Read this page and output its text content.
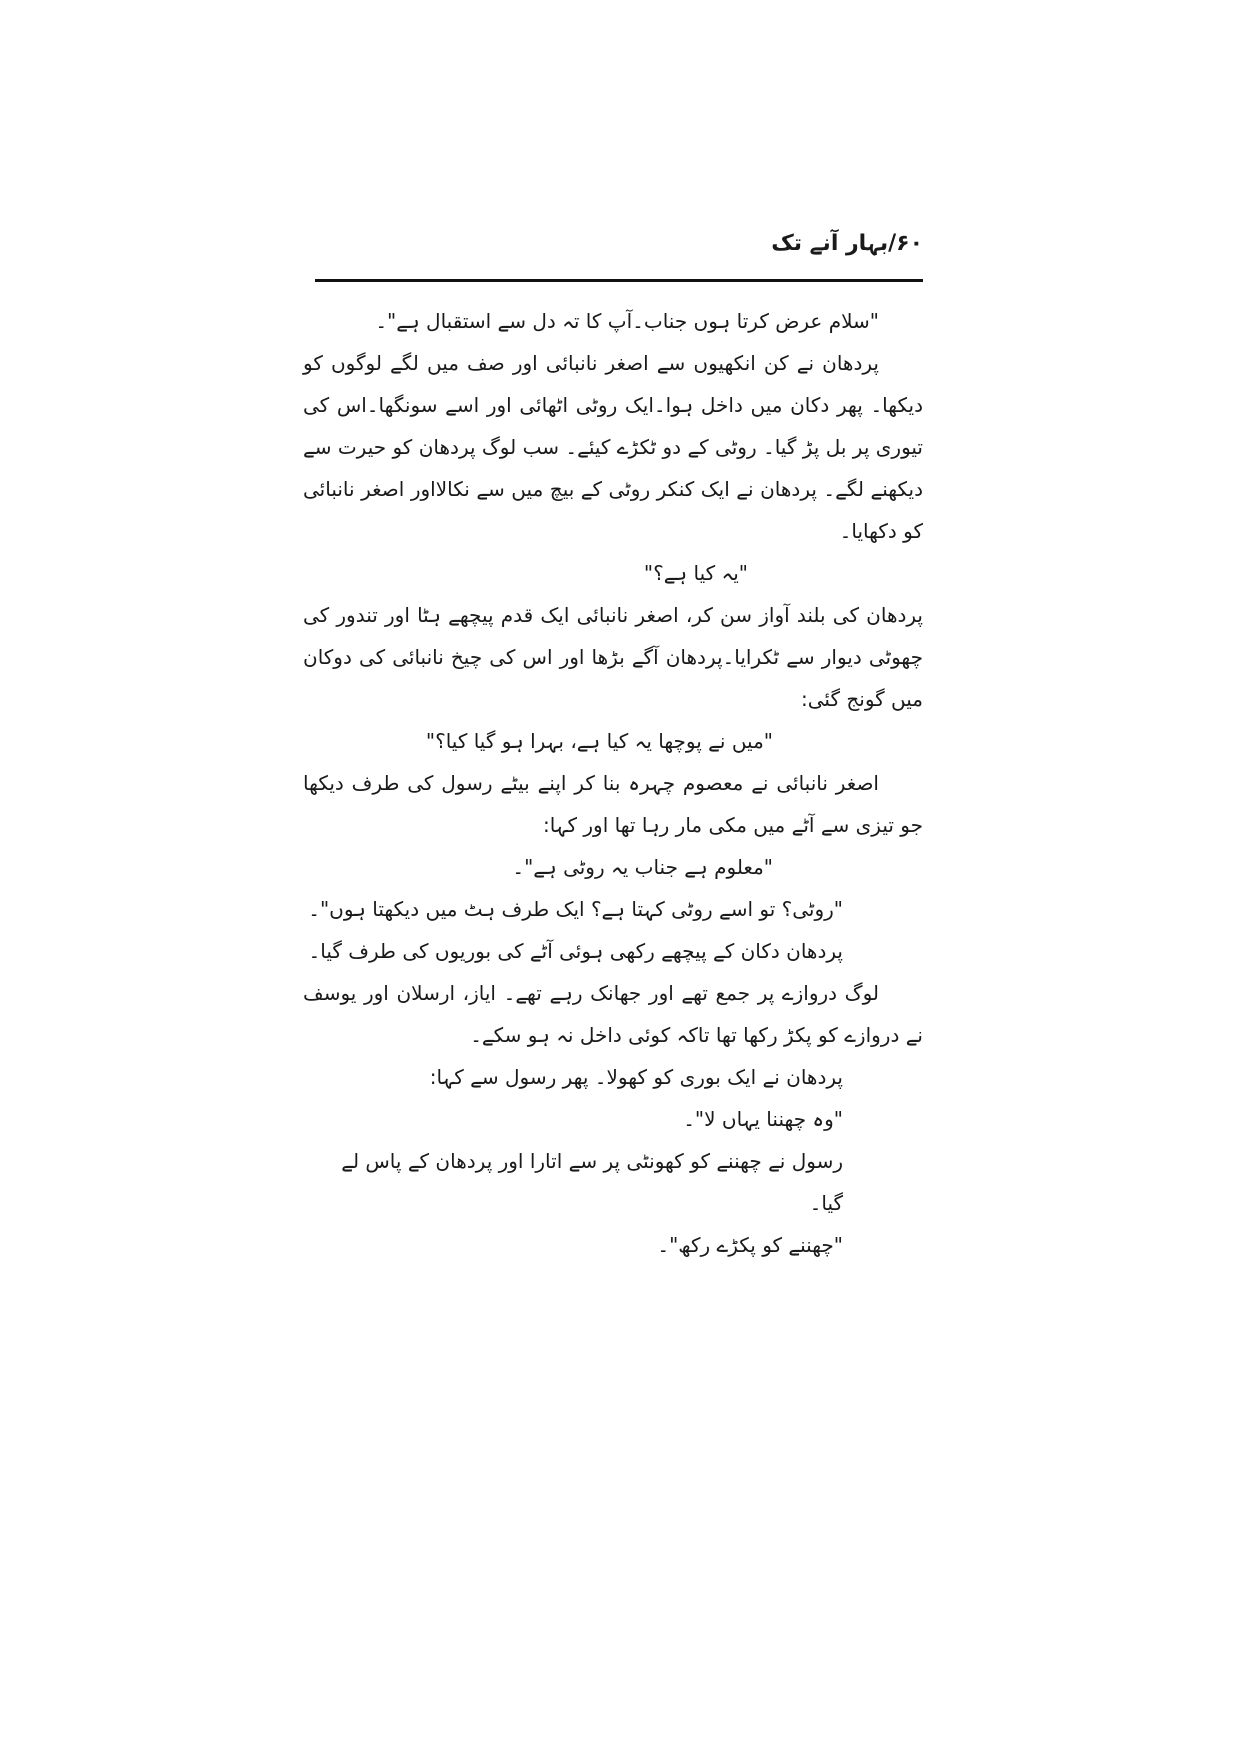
۶۰/بہار آنے تک

"سلام عرض کرتا ہوں جناب۔آپ کا تہ دل سے استقبال ہے"۔

پردھان نے کن انکھیوں سے اصغر نانبائی اور صف میں لگے لوگوں کو دیکھا۔ پھر دکان میں داخل ہوا۔ایک روٹی اٹھائی اور اسے سونگھا۔اس کی تیوری پر بل پڑ گیا۔ روٹی کے دو ٹکڑے کیئے۔ سب لوگ پردھان کو حیرت سے دیکھنے لگے۔ پردھان نے ایک کنکر روٹی کے بیچ میں سے نکالااور اصغر نانبائی کو دکھایا۔

"یہ کیا ہے؟"

پردھان کی بلند آواز سن کر، اصغر نانبائی ایک قدم پیچھے ہٹا اور تندور کی چھوٹی دیوار سے ٹکرایا۔پردھان آگے بڑھا اور اس کی چیخ نانبائی کی دوکان میں گونج گئی:

"میں نے پوچھا یہ کیا ہے، بہرا ہو گیا کیا؟"

اصغر نانبائی نے معصوم چہرہ بنا کر اپنے بیٹے رسول کی طرف دیکھا جو تیزی سے آٹے میں مکی مار رہا تھا اور کہا:

"معلوم ہے جناب یہ روٹی ہے"۔

"روٹی؟ تو اسے روٹی کہتا ہے؟ ایک طرف ہٹ میں دیکھتا ہوں"۔

پردھان دکان کے پیچھے رکھی ہوئی آٹے کی بوریوں کی طرف گیا۔

لوگ دروازے پر جمع تھے اور جھانک رہے تھے۔ ایاز، ارسلان اور یوسف نے دروازے کو پکڑ رکھا تھا تاکہ کوئی داخل نہ ہو سکے۔

پردھان نے ایک بوری کو کھولا۔ پھر رسول سے کہا:

"وہ چھننا یہاں لا"۔

رسول نے چھننے کو کھونٹی پر سے اتارا اور پردھان کے پاس لے گیا۔

"چھننے کو پکڑے رکھ"۔
